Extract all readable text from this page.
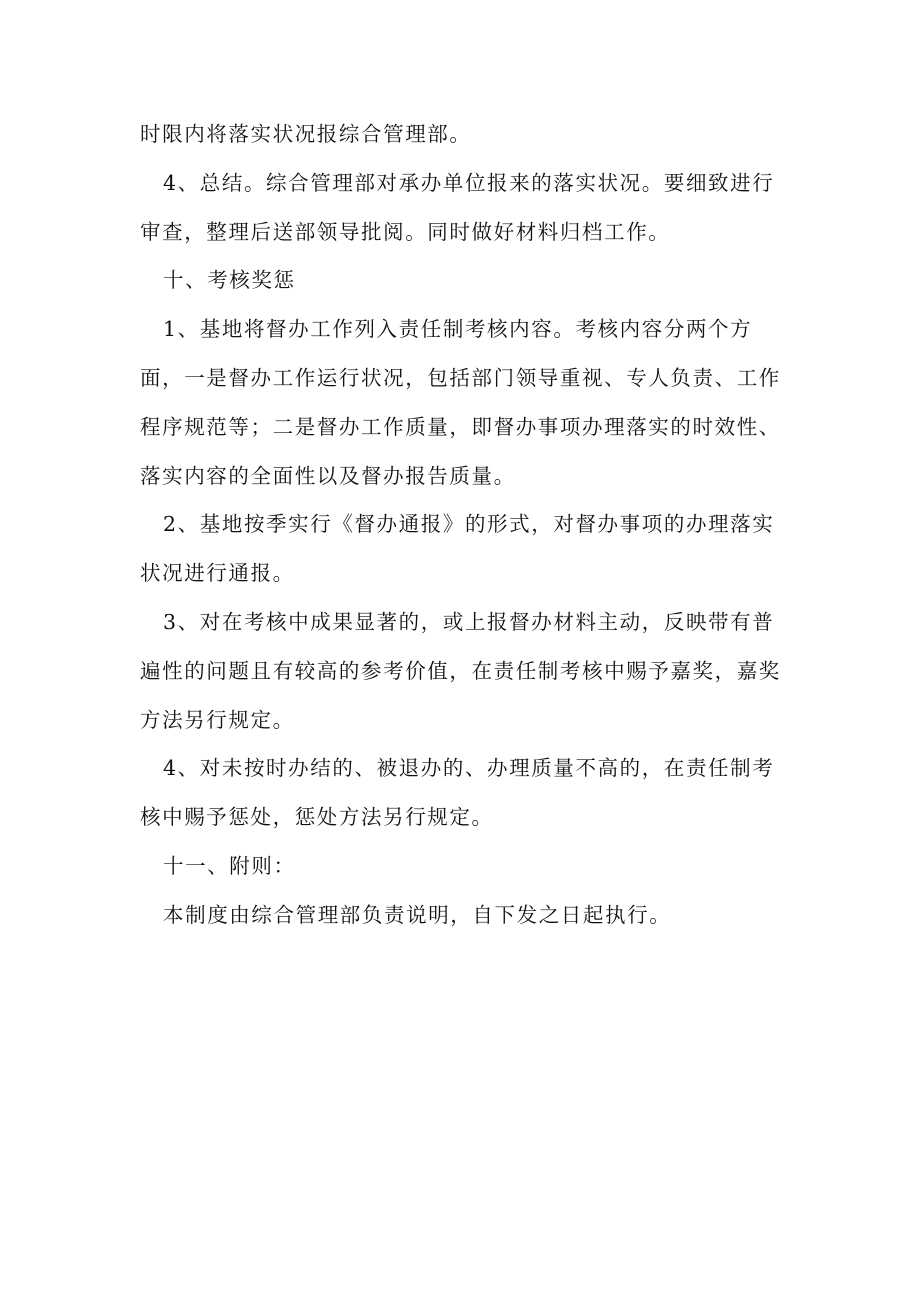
时限内将落实状况报综合管理部。

4、总结。综合管理部对承办单位报来的落实状况。要细致进行审查，整理后送部领导批阅。同时做好材料归档工作。

十、考核奖惩

1、基地将督办工作列入责任制考核内容。考核内容分两个方面，一是督办工作运行状况，包括部门领导重视、专人负责、工作程序规范等；二是督办工作质量，即督办事项办理落实的时效性、落实内容的全面性以及督办报告质量。

2、基地按季实行《督办通报》的形式，对督办事项的办理落实状况进行通报。

3、对在考核中成果显著的，或上报督办材料主动，反映带有普遍性的问题且有较高的参考价值，在责任制考核中赐予嘉奖，嘉奖方法另行规定。

4、对未按时办结的、被退办的、办理质量不高的，在责任制考核中赐予惩处，惩处方法另行规定。

十一、附则：

本制度由综合管理部负责说明，自下发之日起执行。
